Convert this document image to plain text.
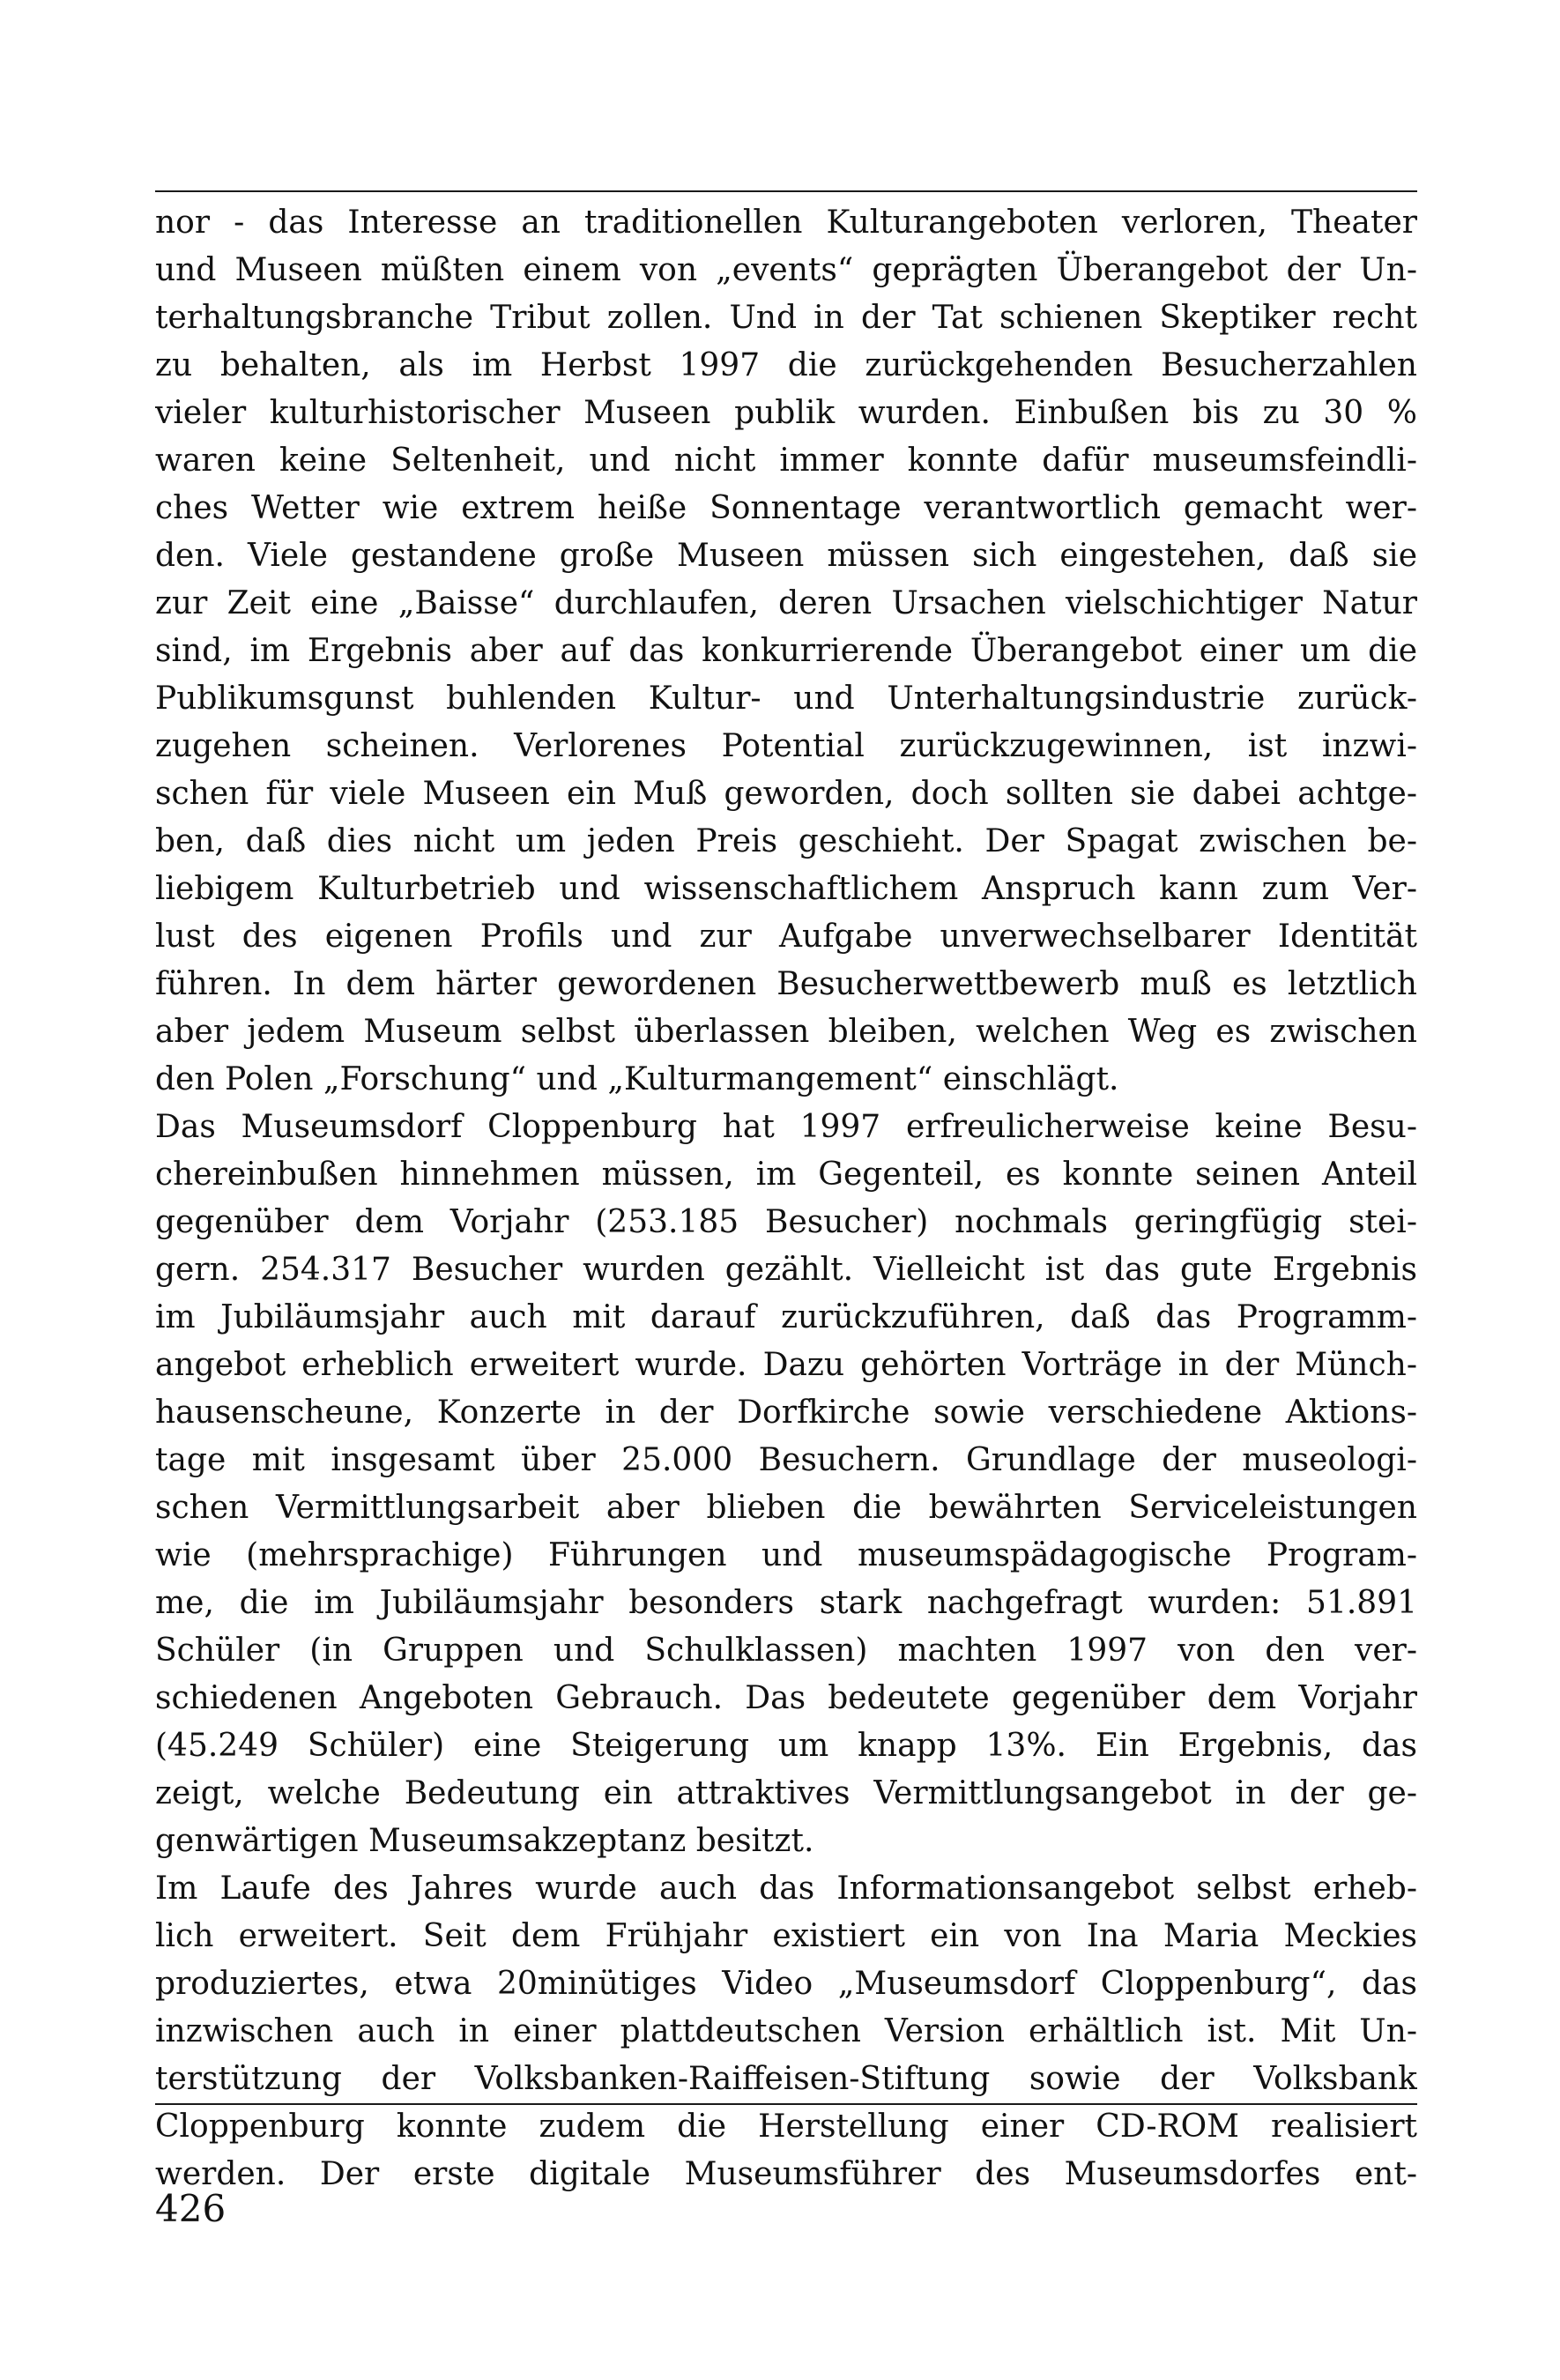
nor - das Interesse an traditionellen Kulturangeboten verloren, Theater
und Museen müßten einem von „events“ geprägten Überangebot der Un-
terhaltungsbranche Tribut zollen. Und in der Tat schienen Skeptiker recht
zu behalten, als im Herbst 1997 die zurückgehenden Besucherzahlen
vieler kulturhistorischer Museen publik wurden. Einbußen bis zu 30 %
waren keine Seltenheit, und nicht immer konnte dafür museumsfeindli-
ches Wetter wie extrem heiße Sonnentage verantwortlich gemacht wer-
den. Viele gestandene große Museen müssen sich eingestehen, daß sie
zur Zeit eine „Baisse“ durchlaufen, deren Ursachen vielschichtiger Natur
sind, im Ergebnis aber auf das konkurrierende Überangebot einer um die
Publikumsgunst buhlenden Kultur- und Unterhaltungsindustrie zurück-
zugehen scheinen. Verlorenes Potential zurückzugewinnen, ist inzwi-
schen für viele Museen ein Muß geworden, doch sollten sie dabei achtge-
ben, daß dies nicht um jeden Preis geschieht. Der Spagat zwischen be-
liebigem Kulturbetrieb und wissenschaftlichem Anspruch kann zum Ver-
lust des eigenen Profils und zur Aufgabe unverwechselbarer Identität
führen. In dem härter gewordenen Besucherwettbewerb muß es letztlich
aber jedem Museum selbst überlassen bleiben, welchen Weg es zwischen
den Polen „Forschung“ und „Kulturmangement“ einschlägt.
Das Museumsdorf Cloppenburg hat 1997 erfreulicherweise keine Besu-
chereinbußen hinnehmen müssen, im Gegenteil, es konnte seinen Anteil
gegenüber dem Vorjahr (253.185 Besucher) nochmals geringfügig stei-
gern. 254.317 Besucher wurden gezählt. Vielleicht ist das gute Ergebnis
im Jubiläumsjahr auch mit darauf zurückzuführen, daß das Programm-
angebot erheblich erweitert wurde. Dazu gehörten Vorträge in der Münch-
hausenscheune, Konzerte in der Dorfkirche sowie verschiedene Aktions-
tage mit insgesamt über 25.000 Besuchern. Grundlage der museologi-
schen Vermittlungsarbeit aber blieben die bewährten Serviceleistungen
wie (mehrsprachige) Führungen und museumspädagogische Program-
me, die im Jubiläumsjahr besonders stark nachgefragt wurden: 51.891
Schüler (in Gruppen und Schulklassen) machten 1997 von den ver-
schiedenen Angeboten Gebrauch. Das bedeutete gegenüber dem Vorjahr
(45.249 Schüler) eine Steigerung um knapp 13%. Ein Ergebnis, das
zeigt, welche Bedeutung ein attraktives Vermittlungsangebot in der ge-
genwärtigen Museumsakzeptanz besitzt.
Im Laufe des Jahres wurde auch das Informationsangebot selbst erheb-
lich erweitert. Seit dem Frühjahr existiert ein von Ina Maria Meckies
produziertes, etwa 20minütiges Video „Museumsdorf Cloppenburg“, das
inzwischen auch in einer plattdeutschen Version erhältlich ist. Mit Un-
terstützung der Volksbanken-Raiffeisen-Stiftung sowie der Volksbank
Cloppenburg konnte zudem die Herstellung einer CD-ROM realisiert
werden. Der erste digitale Museumsführer des Museumsdorfes ent-
426
